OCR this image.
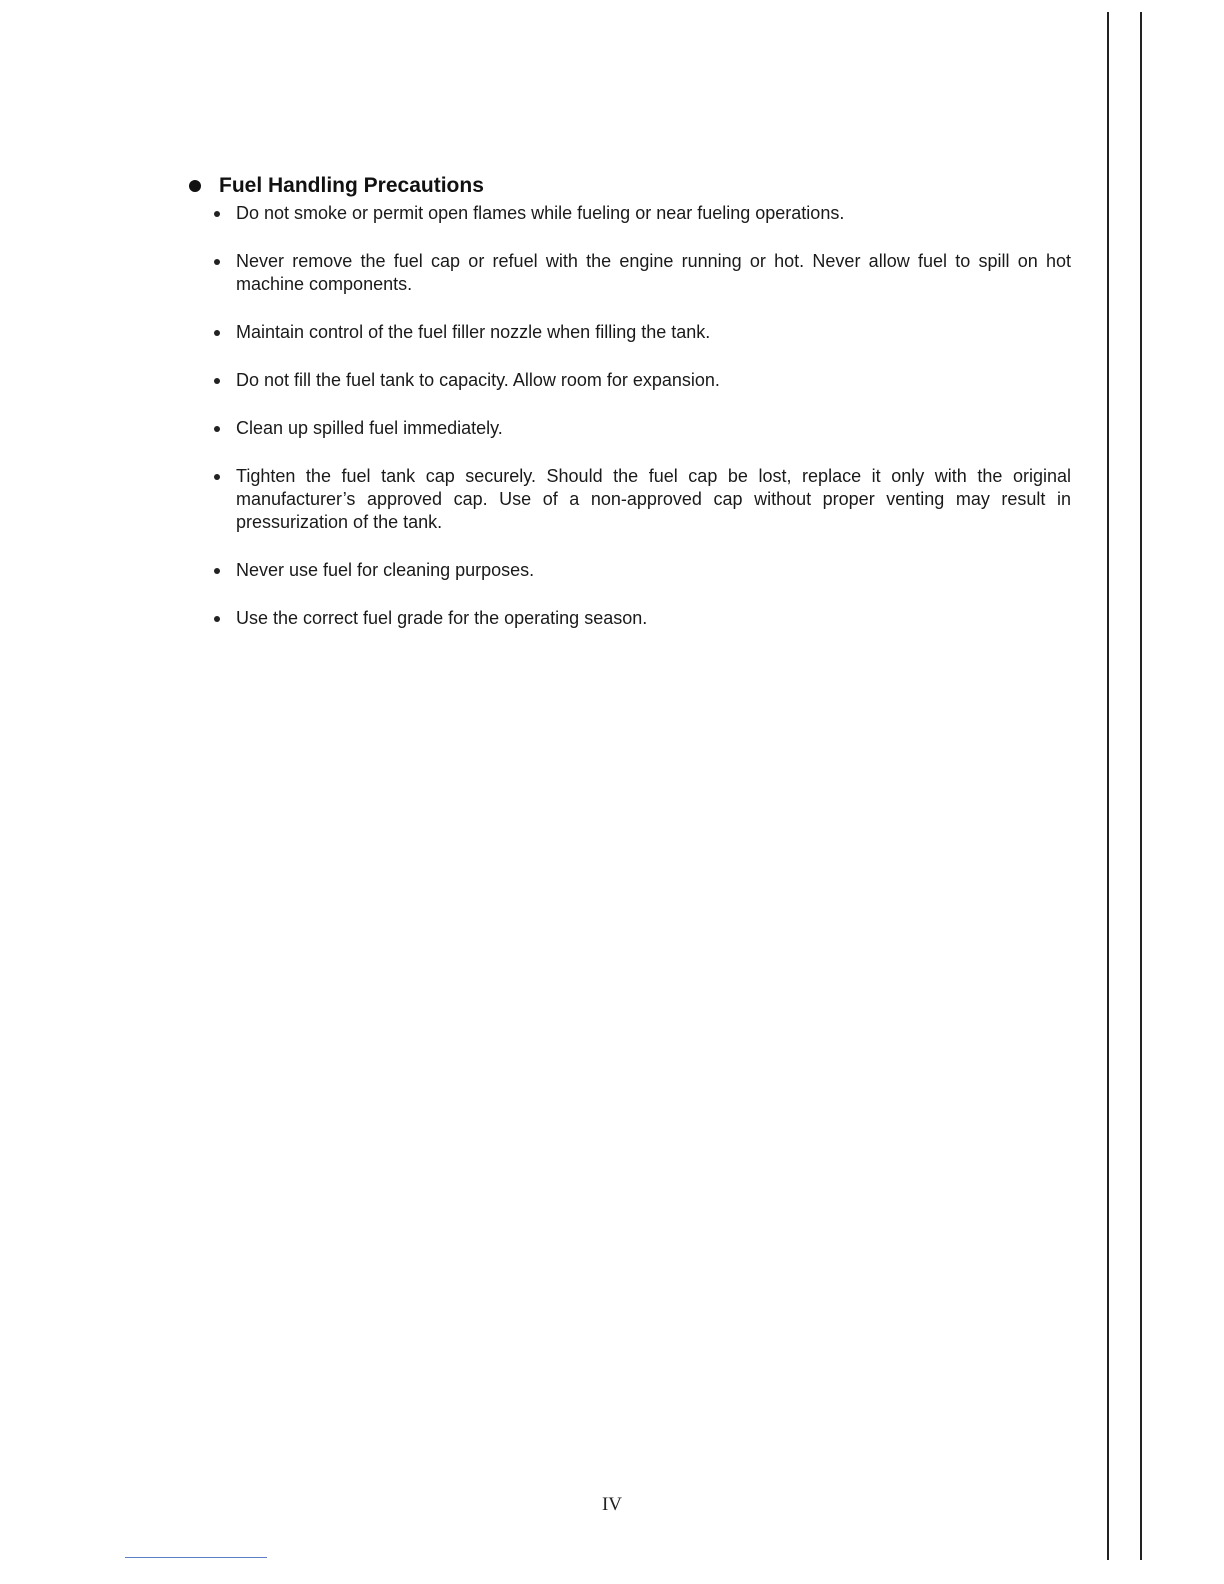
Fuel Handling Precautions
Do not smoke or permit open flames while fueling or near fueling operations.
Never remove the fuel cap or refuel with the engine running or hot. Never allow fuel to spill on hot machine components.
Maintain control of the fuel filler nozzle when filling the tank.
Do not fill the fuel tank to capacity. Allow room for expansion.
Clean up spilled fuel immediately.
Tighten the fuel tank cap securely. Should the fuel cap be lost, replace it only with the original manufacturer’s approved cap. Use of a non-approved cap without proper venting may result in pressurization of the tank.
Never use fuel for cleaning purposes.
Use the correct fuel grade for the operating season.
IV
